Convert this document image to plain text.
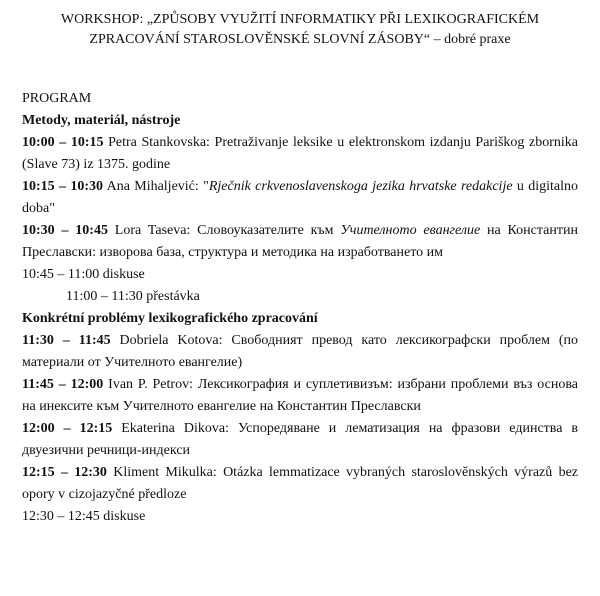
WORKSHOP: „ZPŮSOBY VYUŽITÍ INFORMATIKY PŘI LEXIKOGRAFICKÉM
ZPRACOVÁNÍ STAROSLOVĚNSKÉ SLOVNÍ ZÁSOBY“ – dobré praxe
PROGRAM
Metody, materiál, nástroje
10:00 – 10:15 Petra Stankovska: Pretraživanje leksike u elektronskom izdanju Pariškog zbornika (Slave 73) iz 1375. godine
10:15 – 10:30 Ana Mihaljević: "Rječnik crkvenoslavenskoga jezika hrvatske redakcije u digitalno doba"
10:30 – 10:45 Lora Taseva: Словоуказателите към Учителното евангелие на Константин Преславски: изворова база, структура и методика на изработването им
10:45 – 11:00 diskuse
11:00 – 11:30 přestávka
Konkrétní problémy lexikografického zpracování
11:30 – 11:45 Dobriela Kotova: Свободният превод като лексикографски проблем (по материали от Учителното евангелие)
11:45 – 12:00 Ivan P. Petrov: Лексикография и суплетивизъм: избрани проблеми въз основа на инексите към Учителното евангелие на Константин Преславски
12:00 – 12:15 Ekaterina Dikova: Успоредяване и лематизация на фразови единства в двуезични речници-индекси
12:15 – 12:30 Kliment Mikulka: Otázka lemmatizace vybraných staroslověnských výrazů bez opory v cizojazyčné předloze
12:30 – 12:45 diskuse
